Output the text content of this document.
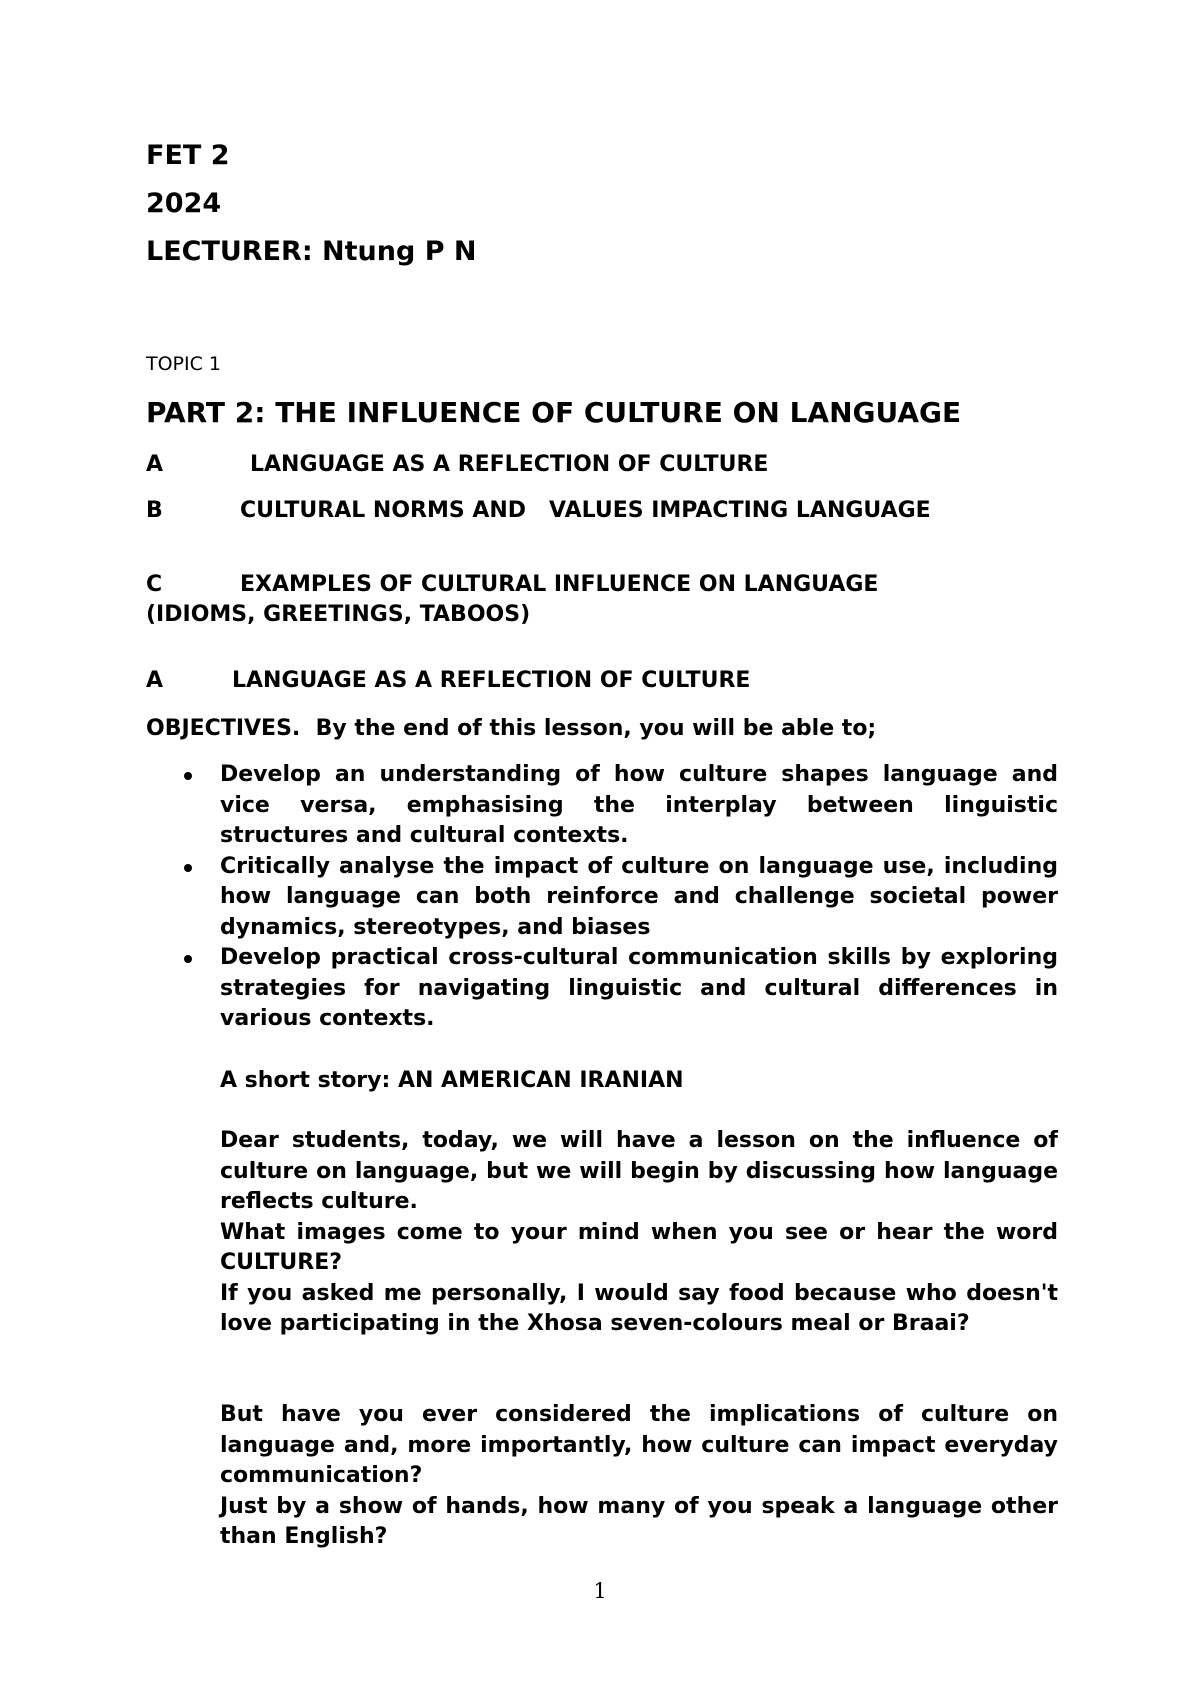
FET 2
2024
LECTURER: Ntung P N
TOPIC 1
PART 2: THE INFLUENCE OF CULTURE ON LANGUAGE
A	LANGUAGE AS A REFLECTION OF CULTURE
B	CULTURAL NORMS AND   VALUES IMPACTING LANGUAGE
C	EXAMPLES OF CULTURAL INFLUENCE ON LANGUAGE
(IDIOMS, GREETINGS, TABOOS)
A	LANGUAGE AS A REFLECTION OF CULTURE
OBJECTIVES.  By the end of this lesson, you will be able to;
Develop an understanding of how culture shapes language and vice versa, emphasising the interplay between linguistic structures and cultural contexts.
Critically analyse the impact of culture on language use, including how language can both reinforce and challenge societal power dynamics, stereotypes, and biases
Develop practical cross-cultural communication skills by exploring strategies for navigating linguistic and cultural differences in various contexts.
A short story: AN AMERICAN IRANIAN

Dear students, today, we will have a lesson on the influence of culture on language, but we will begin by discussing how language reflects culture.

What images come to your mind when you see or hear the word CULTURE?

If you asked me personally, I would say food because who doesn't love participating in the Xhosa seven-colours meal or Braai?

But have you ever considered the implications of culture on language and, more importantly, how culture can impact everyday communication?

Just by a show of hands, how many of you speak a language other than English?

1
